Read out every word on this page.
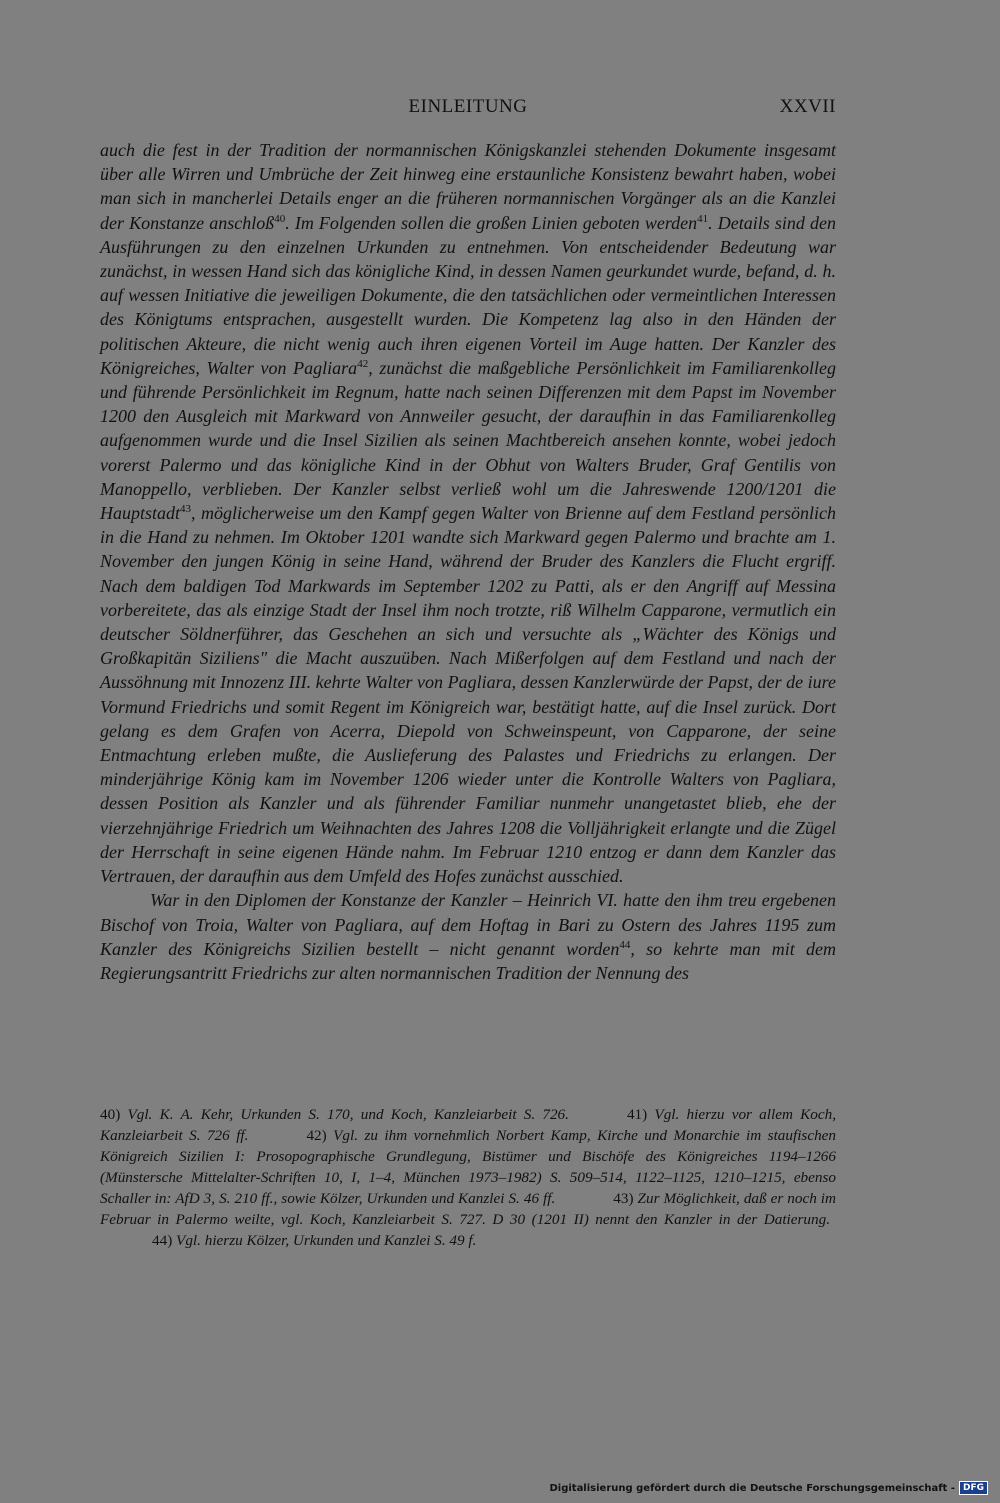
EINLEITUNG	XXVII

auch die fest in der Tradition der normannischen Königskanzlei stehenden Dokumente insgesamt über alle Wirren und Umbrüche der Zeit hinweg eine erstaunliche Konsistenz bewahrt haben, wobei man sich in mancherlei Details enger an die früheren normannischen Vorgänger als an die Kanzlei der Konstanze anschloß$^{40}$. Im Folgenden sollen die großen Linien geboten werden$^{41}$. Details sind den Ausführungen zu den einzelnen Urkunden zu entnehmen. Von entscheidender Bedeutung war zunächst, in wessen Hand sich das königliche Kind, in dessen Namen geurkundet wurde, befand, d. h. auf wessen Initiative die jeweiligen Dokumente, die den tatsächlichen oder vermeintlichen Interessen des Königtums entsprachen, ausgestellt wurden. Die Kompetenz lag also in den Händen der politischen Akteure, die nicht wenig auch ihren eigenen Vorteil im Auge hatten. Der Kanzler des Königreiches, Walter von Pagliara$^{42}$, zunächst die maßgebliche Persönlichkeit im Familiarenkolleg und führende Persönlichkeit im Regnum, hatte nach seinen Differenzen mit dem Papst im November 1200 den Ausgleich mit Markward von Annweiler gesucht, der daraufhin in das Familiarenkolleg aufgenommen wurde und die Insel Sizilien als seinen Machtbereich ansehen konnte, wobei jedoch vorerst Palermo und das königliche Kind in der Obhut von Walters Bruder, Graf Gentilis von Manoppello, verblieben. Der Kanzler selbst verließ wohl um die Jahreswende 1200/1201 die Hauptstadt$^{43}$, möglicherweise um den Kampf gegen Walter von Brienne auf dem Festland persönlich in die Hand zu nehmen. Im Oktober 1201 wandte sich Markward gegen Palermo und brachte am 1. November den jungen König in seine Hand, während der Bruder des Kanzlers die Flucht ergriff. Nach dem baldigen Tod Markwards im September 1202 zu Patti, als er den Angriff auf Messina vorbereitete, das als einzige Stadt der Insel ihm noch trotzte, riß Wilhelm Capparone, vermutlich ein deutscher Söldnerführer, das Geschehen an sich und versuchte als „Wächter des Königs und Großkapitän Siziliens" die Macht auszuüben. Nach Mißerfolgen auf dem Festland und nach der Aussöhnung mit Innozenz III. kehrte Walter von Pagliara, dessen Kanzlerwürde der Papst, der de iure Vormund Friedrichs und somit Regent im Königreich war, bestätigt hatte, auf die Insel zurück. Dort gelang es dem Grafen von Acerra, Diepold von Schweinspeunt, von Capparone, der seine Entmachtung erleben mußte, die Auslieferung des Palastes und Friedrichs zu erlangen. Der minderjährige König kam im November 1206 wieder unter die Kontrolle Walters von Pagliara, dessen Position als Kanzler und als führender Familiar nunmehr unangetastet blieb, ehe der vierzehnjährige Friedrich um Weihnachten des Jahres 1208 die Volljährigkeit erlangte und die Zügel der Herrschaft in seine eigenen Hände nahm. Im Februar 1210 entzog er dann dem Kanzler das Vertrauen, der daraufhin aus dem Umfeld des Hofes zunächst ausschied.

War in den Diplomen der Konstanze der Kanzler – Heinrich VI. hatte den ihm treu ergebenen Bischof von Troia, Walter von Pagliara, auf dem Hoftag in Bari zu Ostern des Jahres 1195 zum Kanzler des Königreichs Sizilien bestellt – nicht genannt worden$^{44}$, so kehrte man mit dem Regierungsantritt Friedrichs zur alten normannischen Tradition der Nennung des

40) Vgl. K. A. Kehr, Urkunden S. 170, und Koch, Kanzleiarbeit S. 726.	41) Vgl. hierzu vor allem Koch, Kanzleiarbeit S. 726 ff.	42) Vgl. zu ihm vornehmlich Norbert Kamp, Kirche und Monarchie im staufischen Königreich Sizilien I: Prosopographische Grundlegung, Bistümer und Bischöfe des Königreiches 1194–1266 (Münstersche Mittelalter-Schriften 10, I, 1–4, München 1973–1982) S. 509–514, 1122–1125, 1210–1215, ebenso Schaller in: AfD 3, S. 210 ff., sowie Kölzer, Urkunden und Kanzlei S. 46 ff.	43) Zur Möglichkeit, daß er noch im Februar in Palermo weilte, vgl. Koch, Kanzleiarbeit S. 727. D 30 (1201 II) nennt den Kanzler in der Datierung.44) Vgl. hierzu Kölzer, Urkunden und Kanzlei S. 49 f.
Digitalisierung gefördert durch die Deutsche Forschungsgemeinschaft - DFG
